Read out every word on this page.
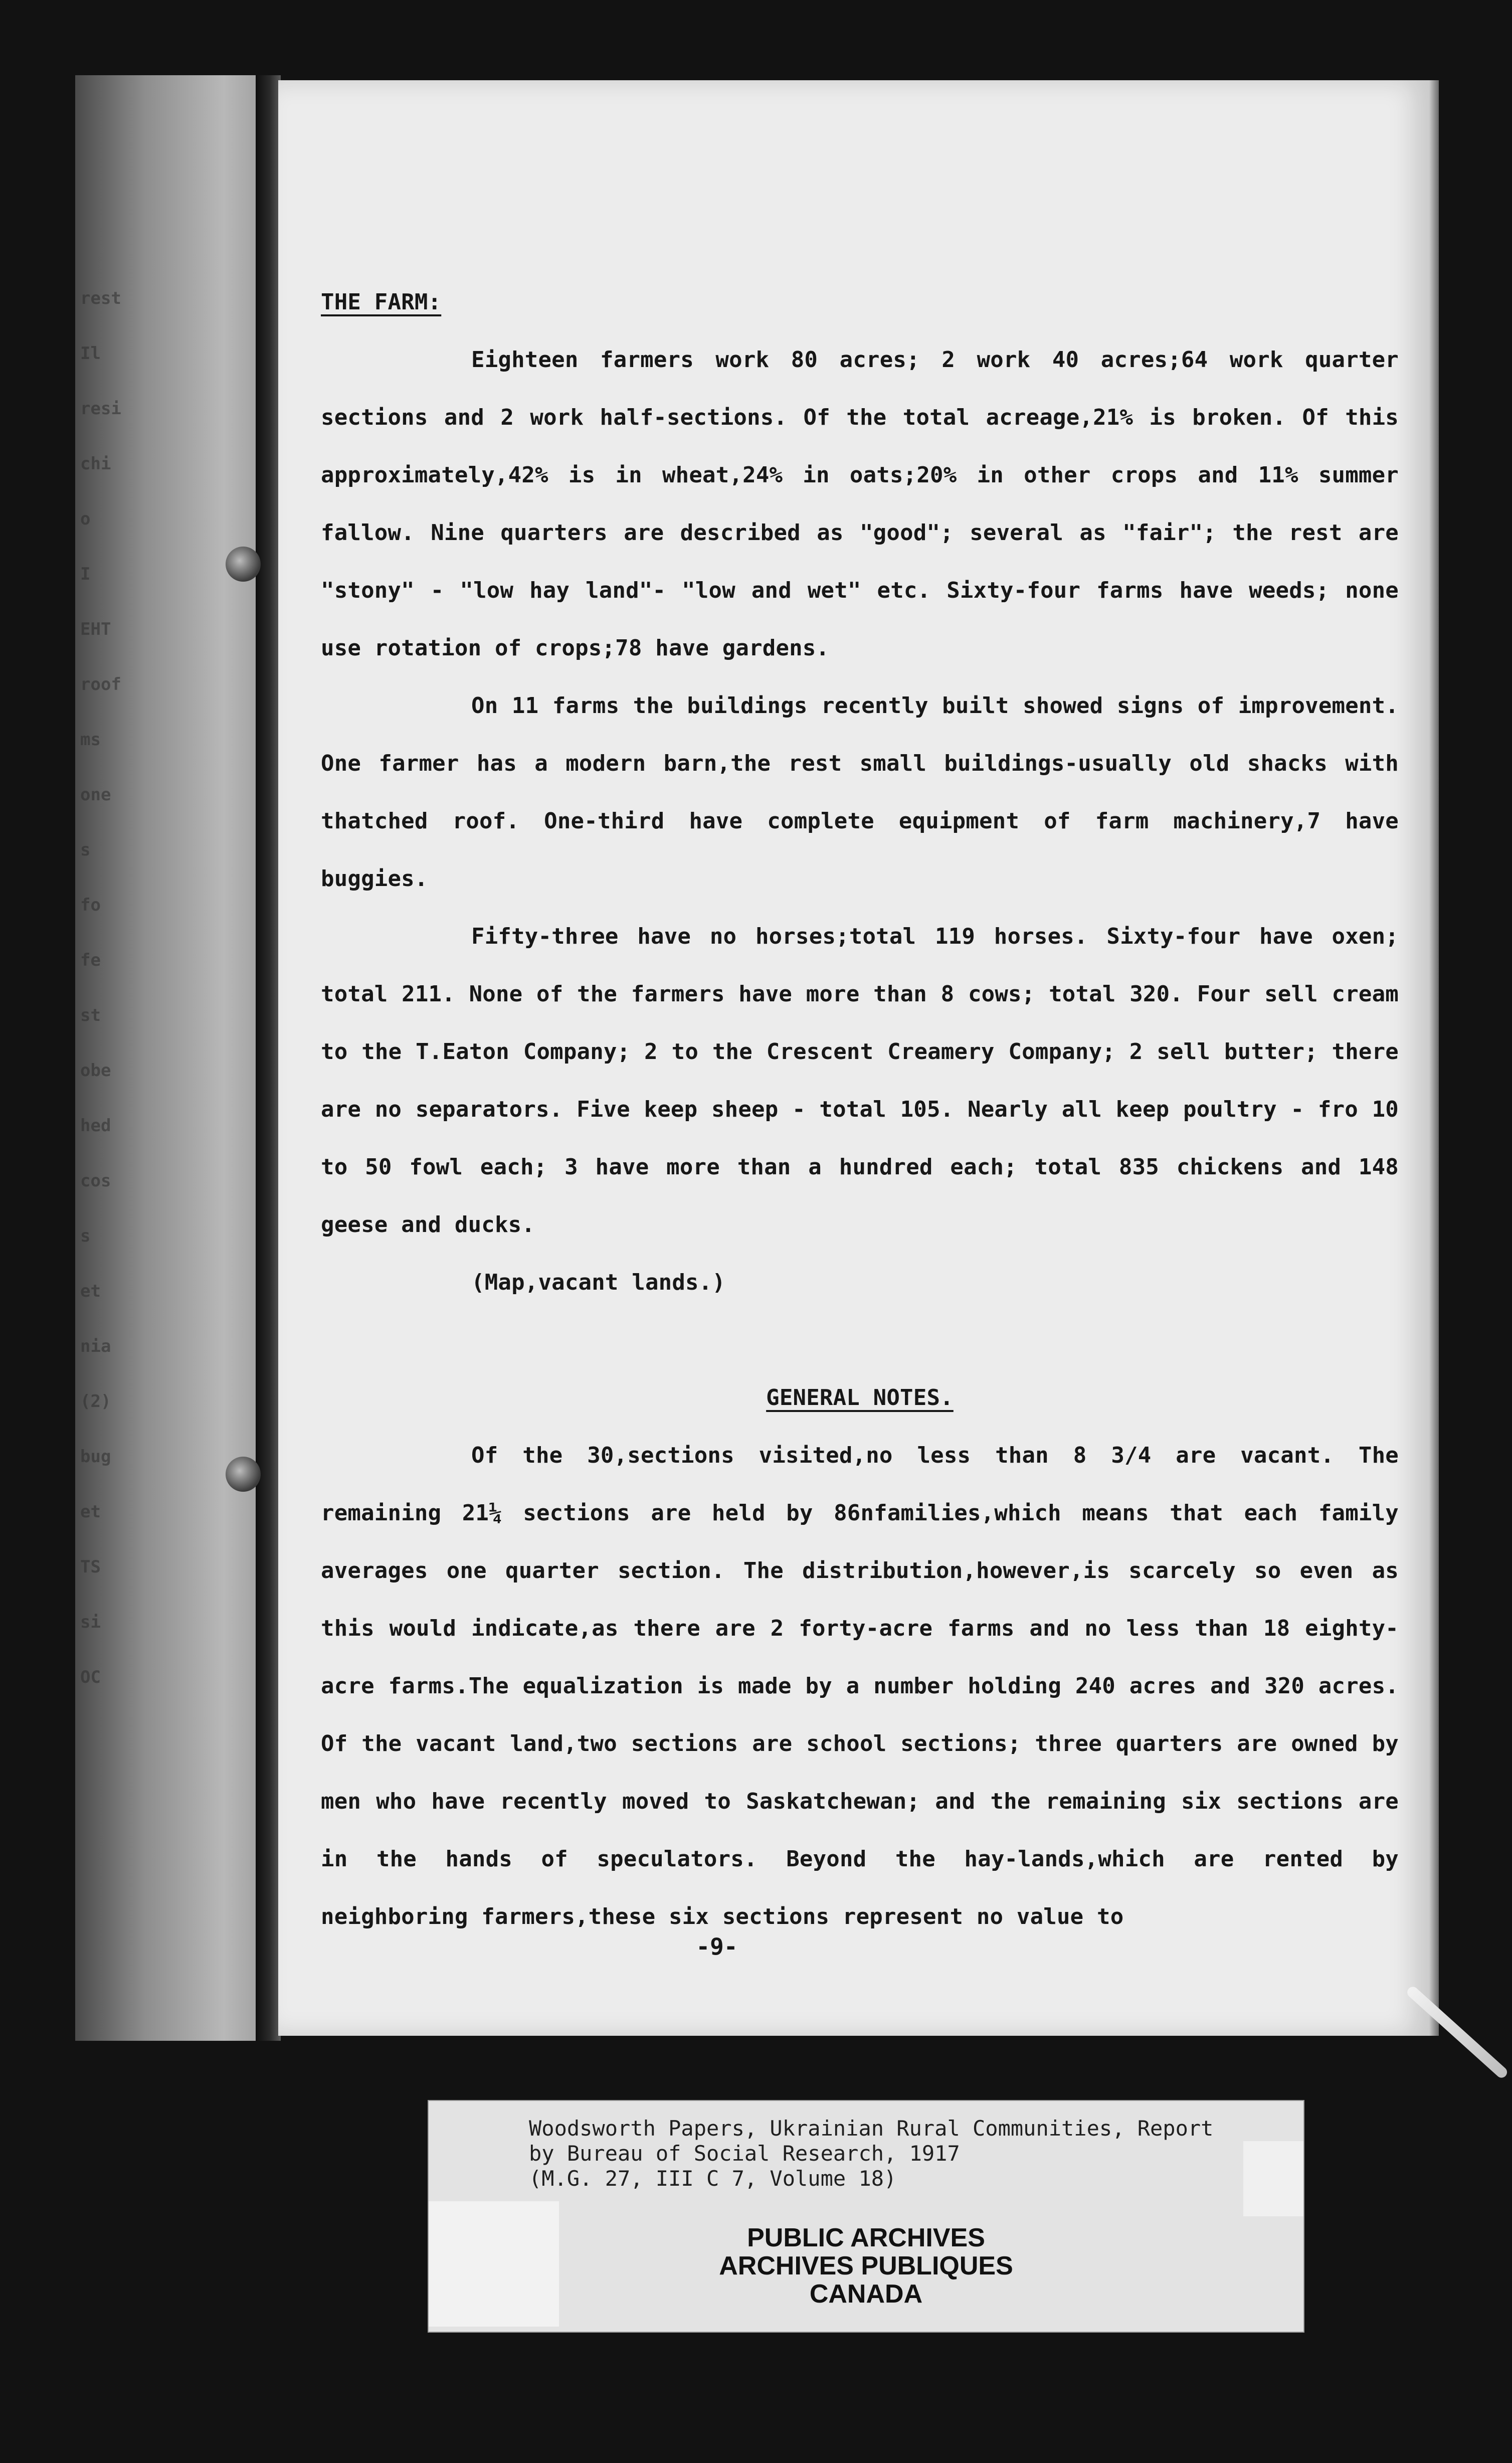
rest
Il
resi
chi
o
I
EHT
roof
ms
one
s
fo
fe
st
obe
hed
cos
s
et
nia
(2)
bug
et
TS
si
OC
THE FARM:

Eighteen farmers work 80 acres; 2 work 40 acres;64 work quarter sections and 2 work half-sections. Of the total acreage,21% is broken. Of this approximately,42% is in wheat,24% in oats;20% in other crops and 11% summer fallow. Nine quarters are described as "good"; several as "fair"; the rest are "stony" - "low hay land"- "low and wet" etc. Sixty-four farms have weeds; none use rotation of crops;78 have gardens.

On 11 farms the buildings recently built showed signs of improvement. One farmer has a modern barn,the rest small buildings-usually old shacks with thatched roof. One-third have complete equipment of farm machinery,7 have buggies.

Fifty-three have no horses;total 119 horses. Sixty-four have oxen; total 211. None of the farmers have more than 8 cows; total 320. Four sell cream to the T.Eaton Company; 2 to the Crescent Creamery Company; 2 sell butter; there are no separators. Five keep sheep - total 105. Nearly all keep poultry - fro 10 to 50 fowl each; 3 have more than a hundred each; total 835 chickens and 148 geese and ducks.

(Map,vacant lands.)

GENERAL NOTES.

Of the 30,sections visited,no less than 8 3/4 are vacant. The remaining 21¼ sections are held by 86nfamilies,which means that each family averages one quarter section. The distribution,however,is scarcely so even as this would indicate,as there are 2 forty-acre farms and no less than 18 eighty-acre farms.The equalization is made by a number holding 240 acres and 320 acres. Of the vacant land,two sections are school sections; three quarters are owned by men who have recently moved to Saskatchewan; and the remaining six sections are in the hands of speculators. Beyond the hay-lands,which are rented by neighboring farmers,these six sections represent no value to

-9-
Woodsworth Papers, Ukrainian Rural Communities, Report
by Bureau of Social Research, 1917
(M.G. 27, III C 7, Volume 18)
PUBLIC ARCHIVES
ARCHIVES PUBLIQUES
CANADA
